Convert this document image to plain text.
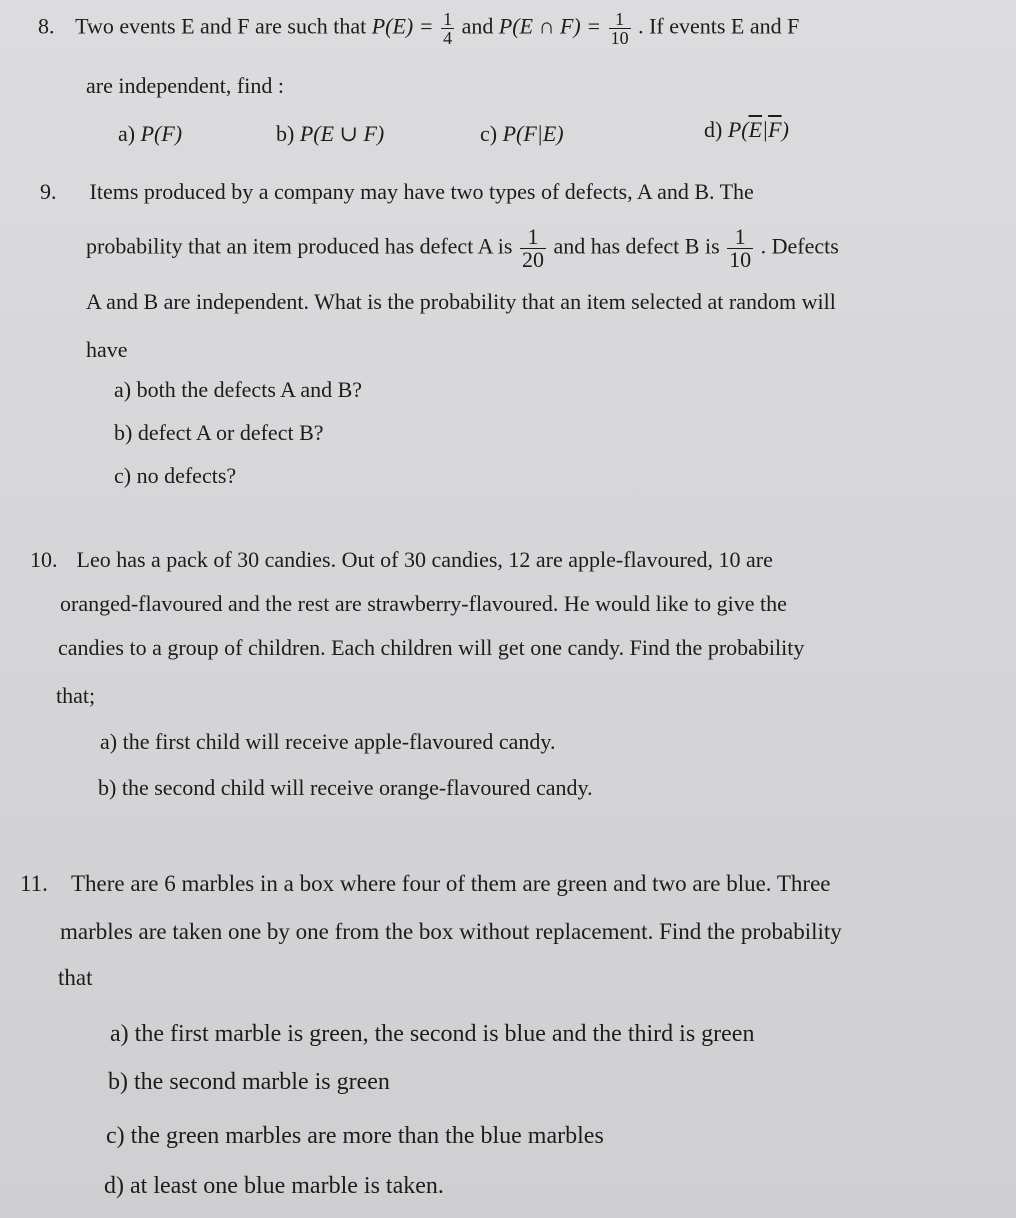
8. Two events E and F are such that $P(E) = \frac{1}{4}$ and P(E ∩ $F) = \frac{1}{10}$ . If events E and F
are independent, find :
a) P(F)	b) P(E ∪ F)	c) P(F|E)	d) $P(\overline{E}|\overline{F})$
9. Items produced by a company may have two types of defects, A and B. The
probability that an item produced has defect A is $\frac{1}{20}$ and has defect B is $\frac{1}{10}$ . Defects
A and B are independent. What is the probability that an item selected at random will
have
a) both the defects A and B?
b) defect A or defect B?
c) no defects?
10. Leo has a pack of 30 candies. Out of 30 candies, 12 are apple-flavoured, 10 are
oranged-flavoured and the rest are strawberry-flavoured. He would like to give the
candies to a group of children. Each children will get one candy. Find the probability
that;
a) the first child will receive apple-flavoured candy.
b) the second child will receive orange-flavoured candy.
11. There are 6 marbles in a box where four of them are green and two are blue. Three
marbles are taken one by one from the box without replacement. Find the probability
that
a) the first marble is green, the second is blue and the third is green
b) the second marble is green
c) the green marbles are more than the blue marbles
d) at least one blue marble is taken.
